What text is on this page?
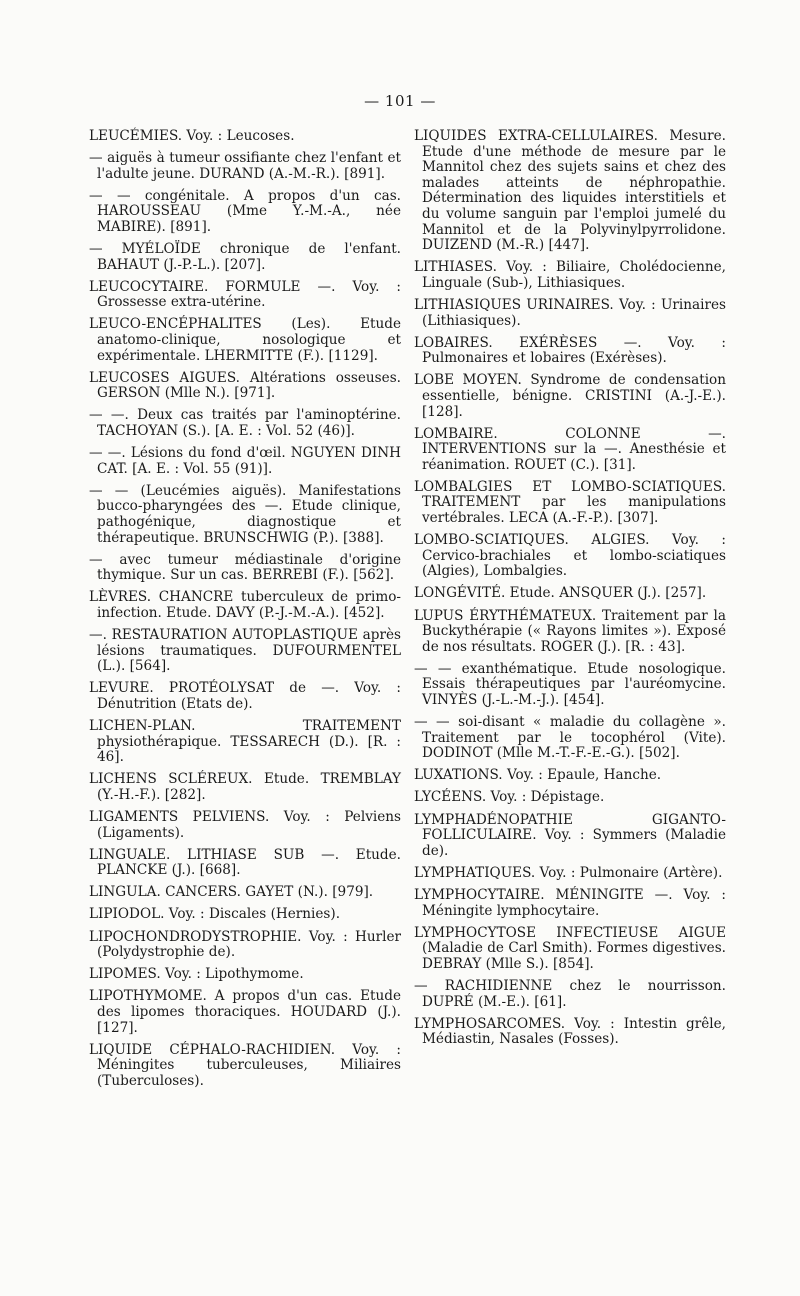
— 101 —

LEUCÉMIES. Voy. : Leucoses.

— aiguës à tumeur ossifiante chez l'enfant et l'adulte jeune. DURAND (A.-M.-R.). [891].

— — congénitale. A propos d'un cas. HAROUSSEAU (Mme Y.-M.-A., née MABIRE). [891].

— MYÉLOÏDE chronique de l'enfant. BAHAUT (J.-P.-L.). [207].

LEUCOCYTAIRE. FORMULE —. Voy. : Grossesse extra-utérine.

LEUCO-ENCÉPHALITES (Les). Etude anatomo-clinique, nosologique et expérimentale. LHERMITTE (F.). [1129].

LEUCOSES AIGUES. Altérations osseuses. GERSON (Mlle N.). [971].

— —. Deux cas traités par l'aminoptérine. TACHOYAN (S.). [A. E. : Vol. 52 (46)].

— —. Lésions du fond d'œil. NGUYEN DINH CAT. [A. E. : Vol. 55 (91)].

— — (Leucémies aiguës). Manifestations bucco-pharyngées des —. Etude clinique, pathogénique, diagnostique et thérapeutique. BRUNSCHWIG (P.). [388].

— avec tumeur médiastinale d'origine thymique. Sur un cas. BERREBI (F.). [562].

LÈVRES. CHANCRE tuberculeux de primo-infection. Etude. DAVY (P.-J.-M.-A.). [452].

—. RESTAURATION AUTOPLASTIQUE après lésions traumatiques. DUFOURMENTEL (L.). [564].

LEVURE. PROTÉOLYSAT de —. Voy. : Dénutrition (Etats de).

LICHEN-PLAN. TRAITEMENT physiothérapique. TESSARECH (D.). [R. : 46].

LICHENS SCLÉREUX. Etude. TREMBLAY (Y.-H.-F.). [282].

LIGAMENTS PELVIENS. Voy. : Pelviens (Ligaments).

LINGUALE. LITHIASE SUB —. Etude. PLANCKE (J.). [668].

LINGULA. CANCERS. GAYET (N.). [979].

LIPIODOL. Voy. : Discales (Hernies).

LIPOCHONDRODYSTROPHIE. Voy. : Hurler (Polydystrophie de).

LIPOMES. Voy. : Lipothymome.

LIPOTHYMOME. A propos d'un cas. Etude des lipomes thoraciques. HOUDARD (J.). [127].

LIQUIDE CÉPHALO-RACHIDIEN. Voy. : Méningites tuberculeuses, Miliaires (Tuberculoses).

LIQUIDES EXTRA-CELLULAIRES. Mesure. Etude d'une méthode de mesure par le Mannitol chez des sujets sains et chez des malades atteints de néphropathie. Détermination des liquides interstitiels et du volume sanguin par l'emploi jumelé du Mannitol et de la Polyvinylpyrrolidone. DUIZEND (M.-R.) [447].

LITHIASES. Voy. : Biliaire, Cholédocienne, Linguale (Sub-), Lithiasiques.

LITHIASIQUES URINAIRES. Voy. : Urinaires (Lithiasiques).

LOBAIRES. EXÉRÈSES —. Voy. : Pulmonaires et lobaires (Exérèses).

LOBE MOYEN. Syndrome de condensation essentielle, bénigne. CRISTINI (A.-J.-E.). [128].

LOMBAIRE. COLONNE —. INTERVENTIONS sur la —. Anesthésie et réanimation. ROUET (C.). [31].

LOMBALGIES ET LOMBO-SCIATIQUES. TRAITEMENT par les manipulations vertébrales. LECA (A.-F.-P.). [307].

LOMBO-SCIATIQUES. ALGIES. Voy. : Cervico-brachiales et lombo-sciatiques (Algies), Lombalgies.

LONGÉVITÉ. Etude. ANSQUER (J.). [257].

LUPUS ÉRYTHÉMATEUX. Traitement par la Buckythérapie (« Rayons limites »). Exposé de nos résultats. ROGER (J.). [R. : 43].

— — exanthématique. Etude nosologique. Essais thérapeutiques par l'auréomycine. VINYÈS (J.-L.-M.-J.). [454].

— — soi-disant « maladie du collagène ». Traitement par le tocophérol (Vite). DODINOT (Mlle M.-T.-F.-E.-G.). [502].

LUXATIONS. Voy. : Epaule, Hanche.

LYCÉENS. Voy. : Dépistage.

LYMPHADÉNOPATHIE GIGANTO-FOLLICULAIRE. Voy. : Symmers (Maladie de).

LYMPHATIQUES. Voy. : Pulmonaire (Artère).

LYMPHOCYTAIRE. MÉNINGITE —. Voy. : Méningite lymphocytaire.

LYMPHOCYTOSE INFECTIEUSE AIGUE (Maladie de Carl Smith). Formes digestives. DEBRAY (Mlle S.). [854].

— RACHIDIENNE chez le nourrisson. DUPRÉ (M.-E.). [61].

LYMPHOSARCOMES. Voy. : Intestin grêle, Médiastin, Nasales (Fosses).
